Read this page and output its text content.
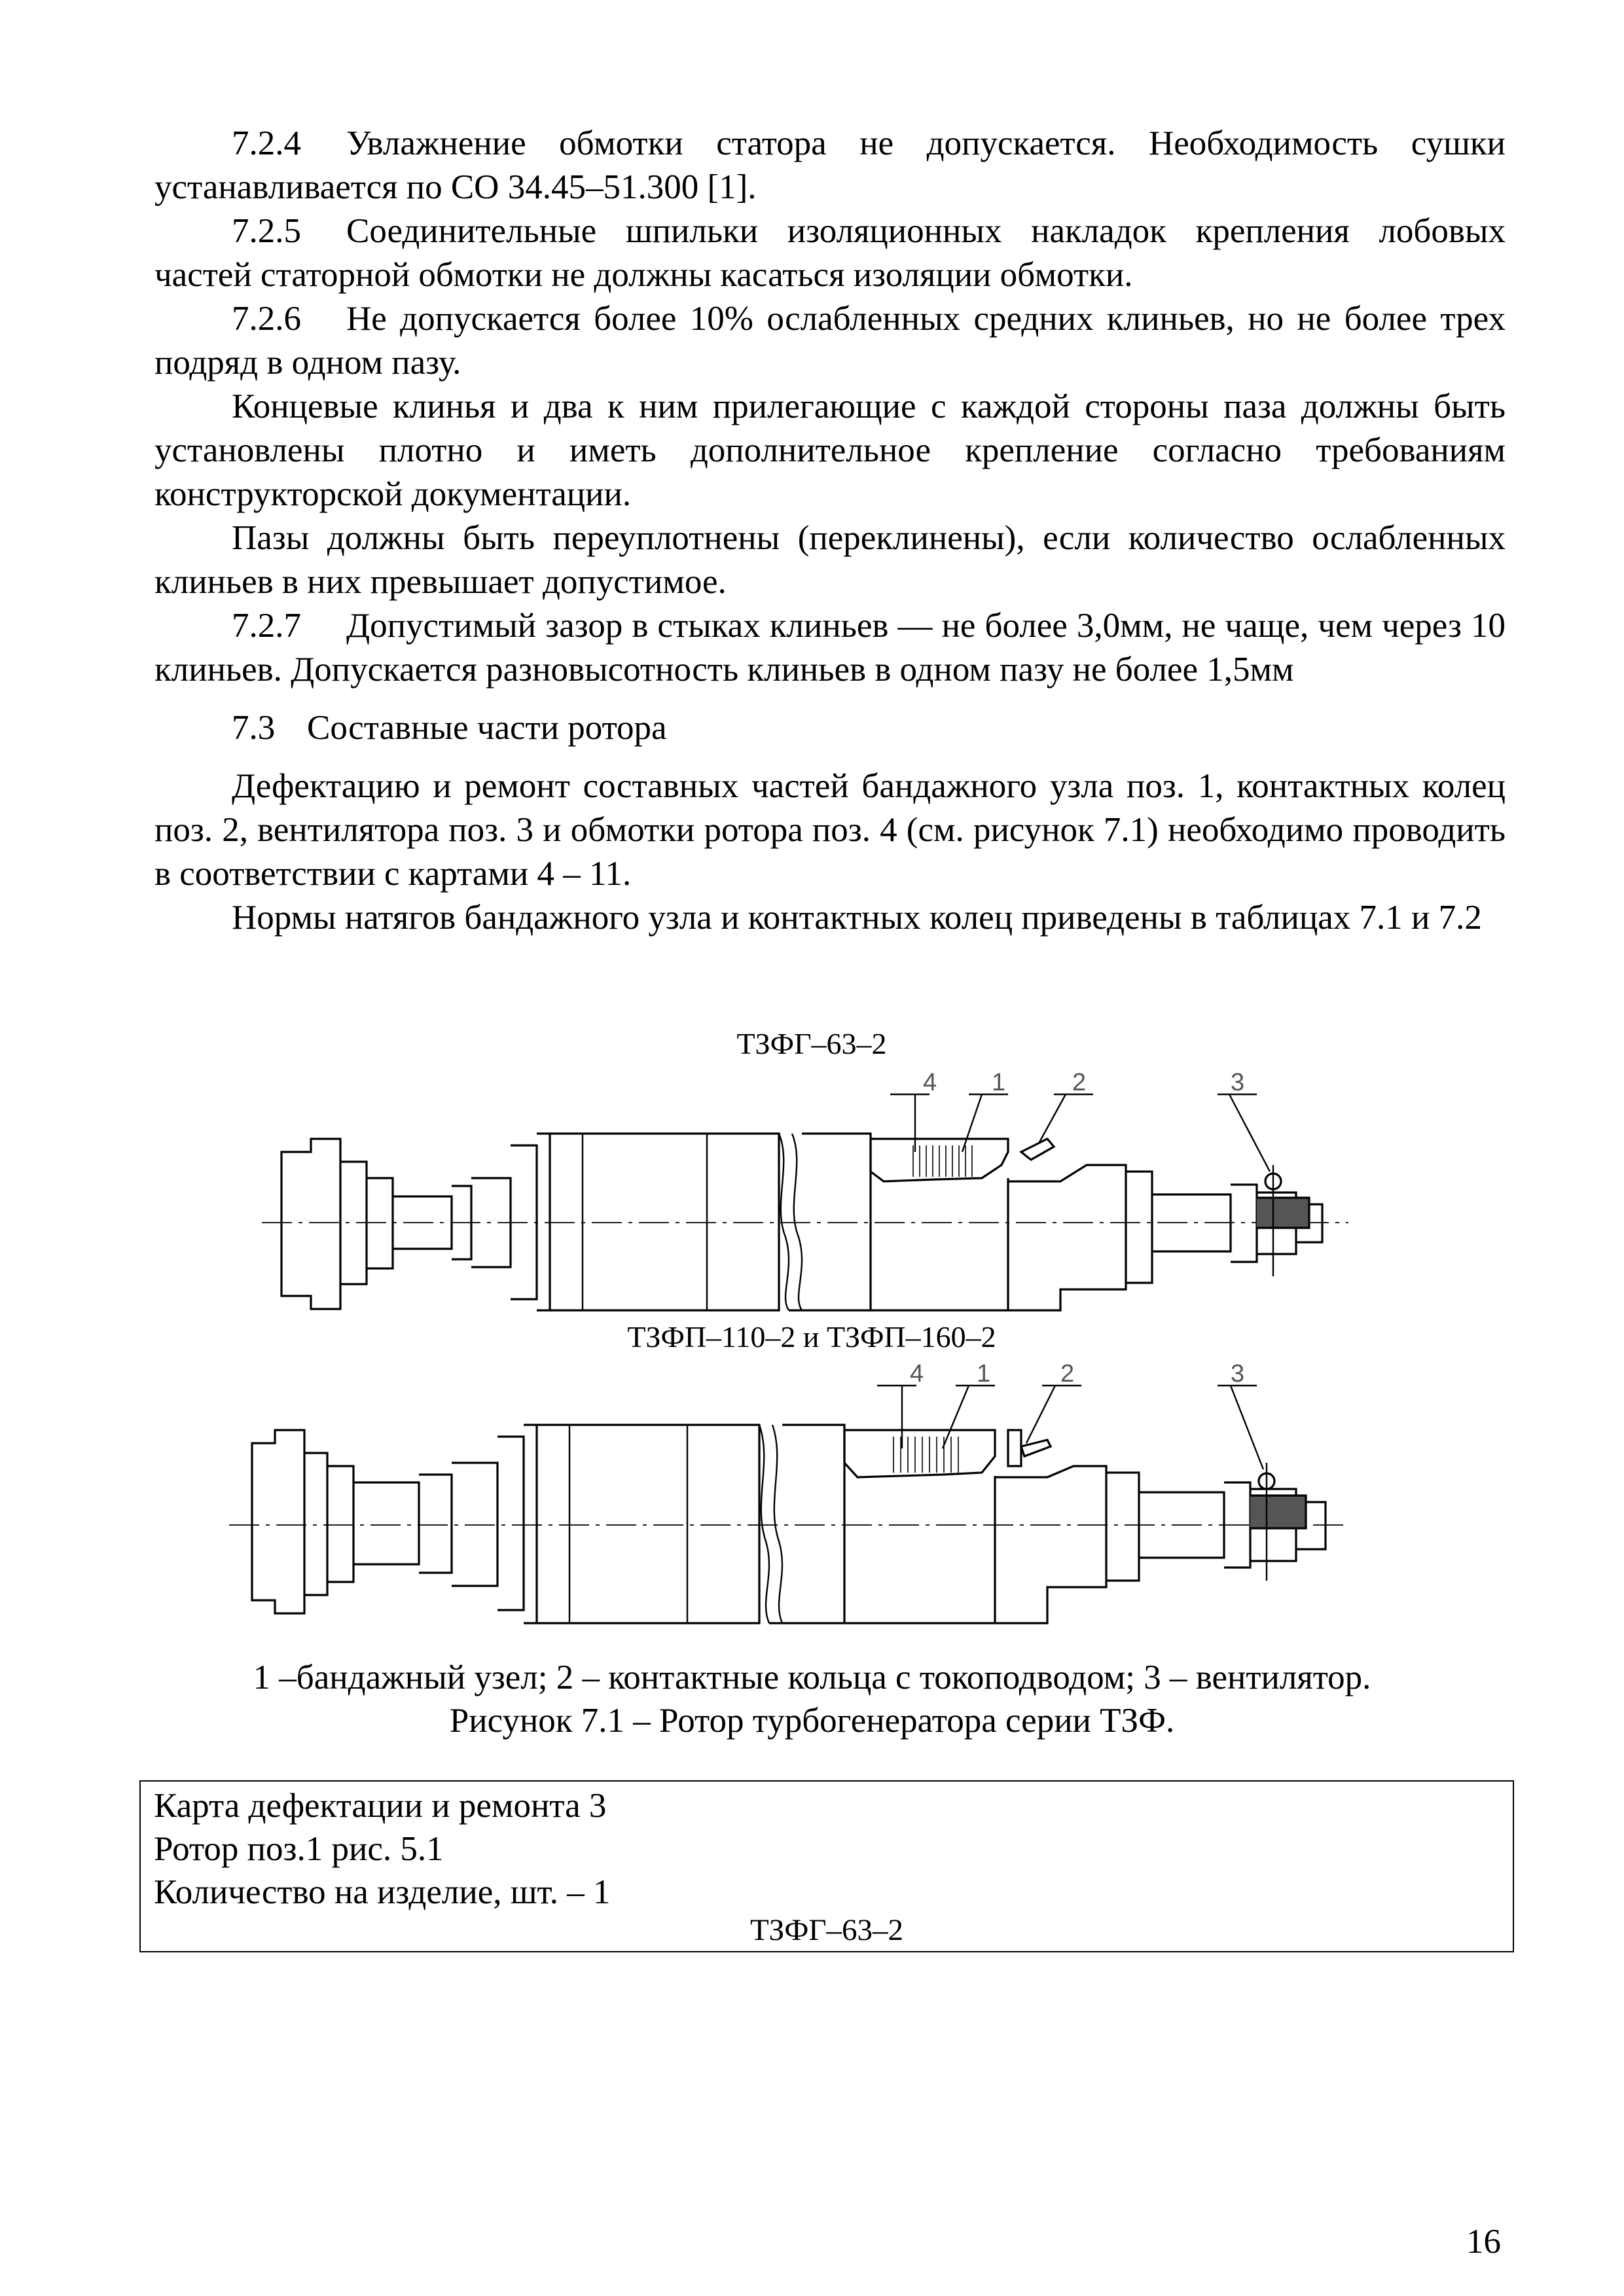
7.2.4 Увлажнение обмотки статора не допускается. Необходимость сушки устанавливается по СО 34.45–51.300 [1].

7.2.5 Соединительные шпильки изоляционных накладок крепления лобовых частей статорной обмотки не должны касаться изоляции обмотки.

7.2.6 Не допускается более 10% ослабленных средних клиньев, но не более трех подряд в одном пазу.

Концевые клинья и два к ним прилегающие с каждой стороны паза должны быть установлены плотно и иметь дополнительное крепление согласно требованиям конструкторской документации.

Пазы должны быть переуплотнены (переклинены), если количество ослабленных клиньев в них превышает допустимое.

7.2.7 Допустимый зазор в стыках клиньев — не более 3,0мм, не чаще, чем через 10 клиньев. Допускается разновысотность клиньев в одном пазу не более 1,5мм

7.3 Составные части ротора

Дефектацию и ремонт составных частей бандажного узла поз. 1, контактных колец поз. 2, вентилятора поз. 3 и обмотки ротора поз. 4 (см. рисунок 7.1) необходимо проводить в соответствии с картами 4 – 11.

Нормы натягов бандажного узла и контактных колец приведены в таблицах 7.1 и 7.2

ТЗФГ–63–2
4 1	2	3
ТЗФП–110–2 и ТЗФП–160–2
4 1	2	3
1 –бандажный узел; 2 – контактные кольца с токоподводом; 3 – вентилятор.
Рисунок 7.1 – Ротор турбогенератора серии ТЗФ.
Карта дефектации и ремонта 3
Ротор поз.1 рис. 5.1
Количество на изделие, шт. – 1
ТЗФГ–63–2
16
